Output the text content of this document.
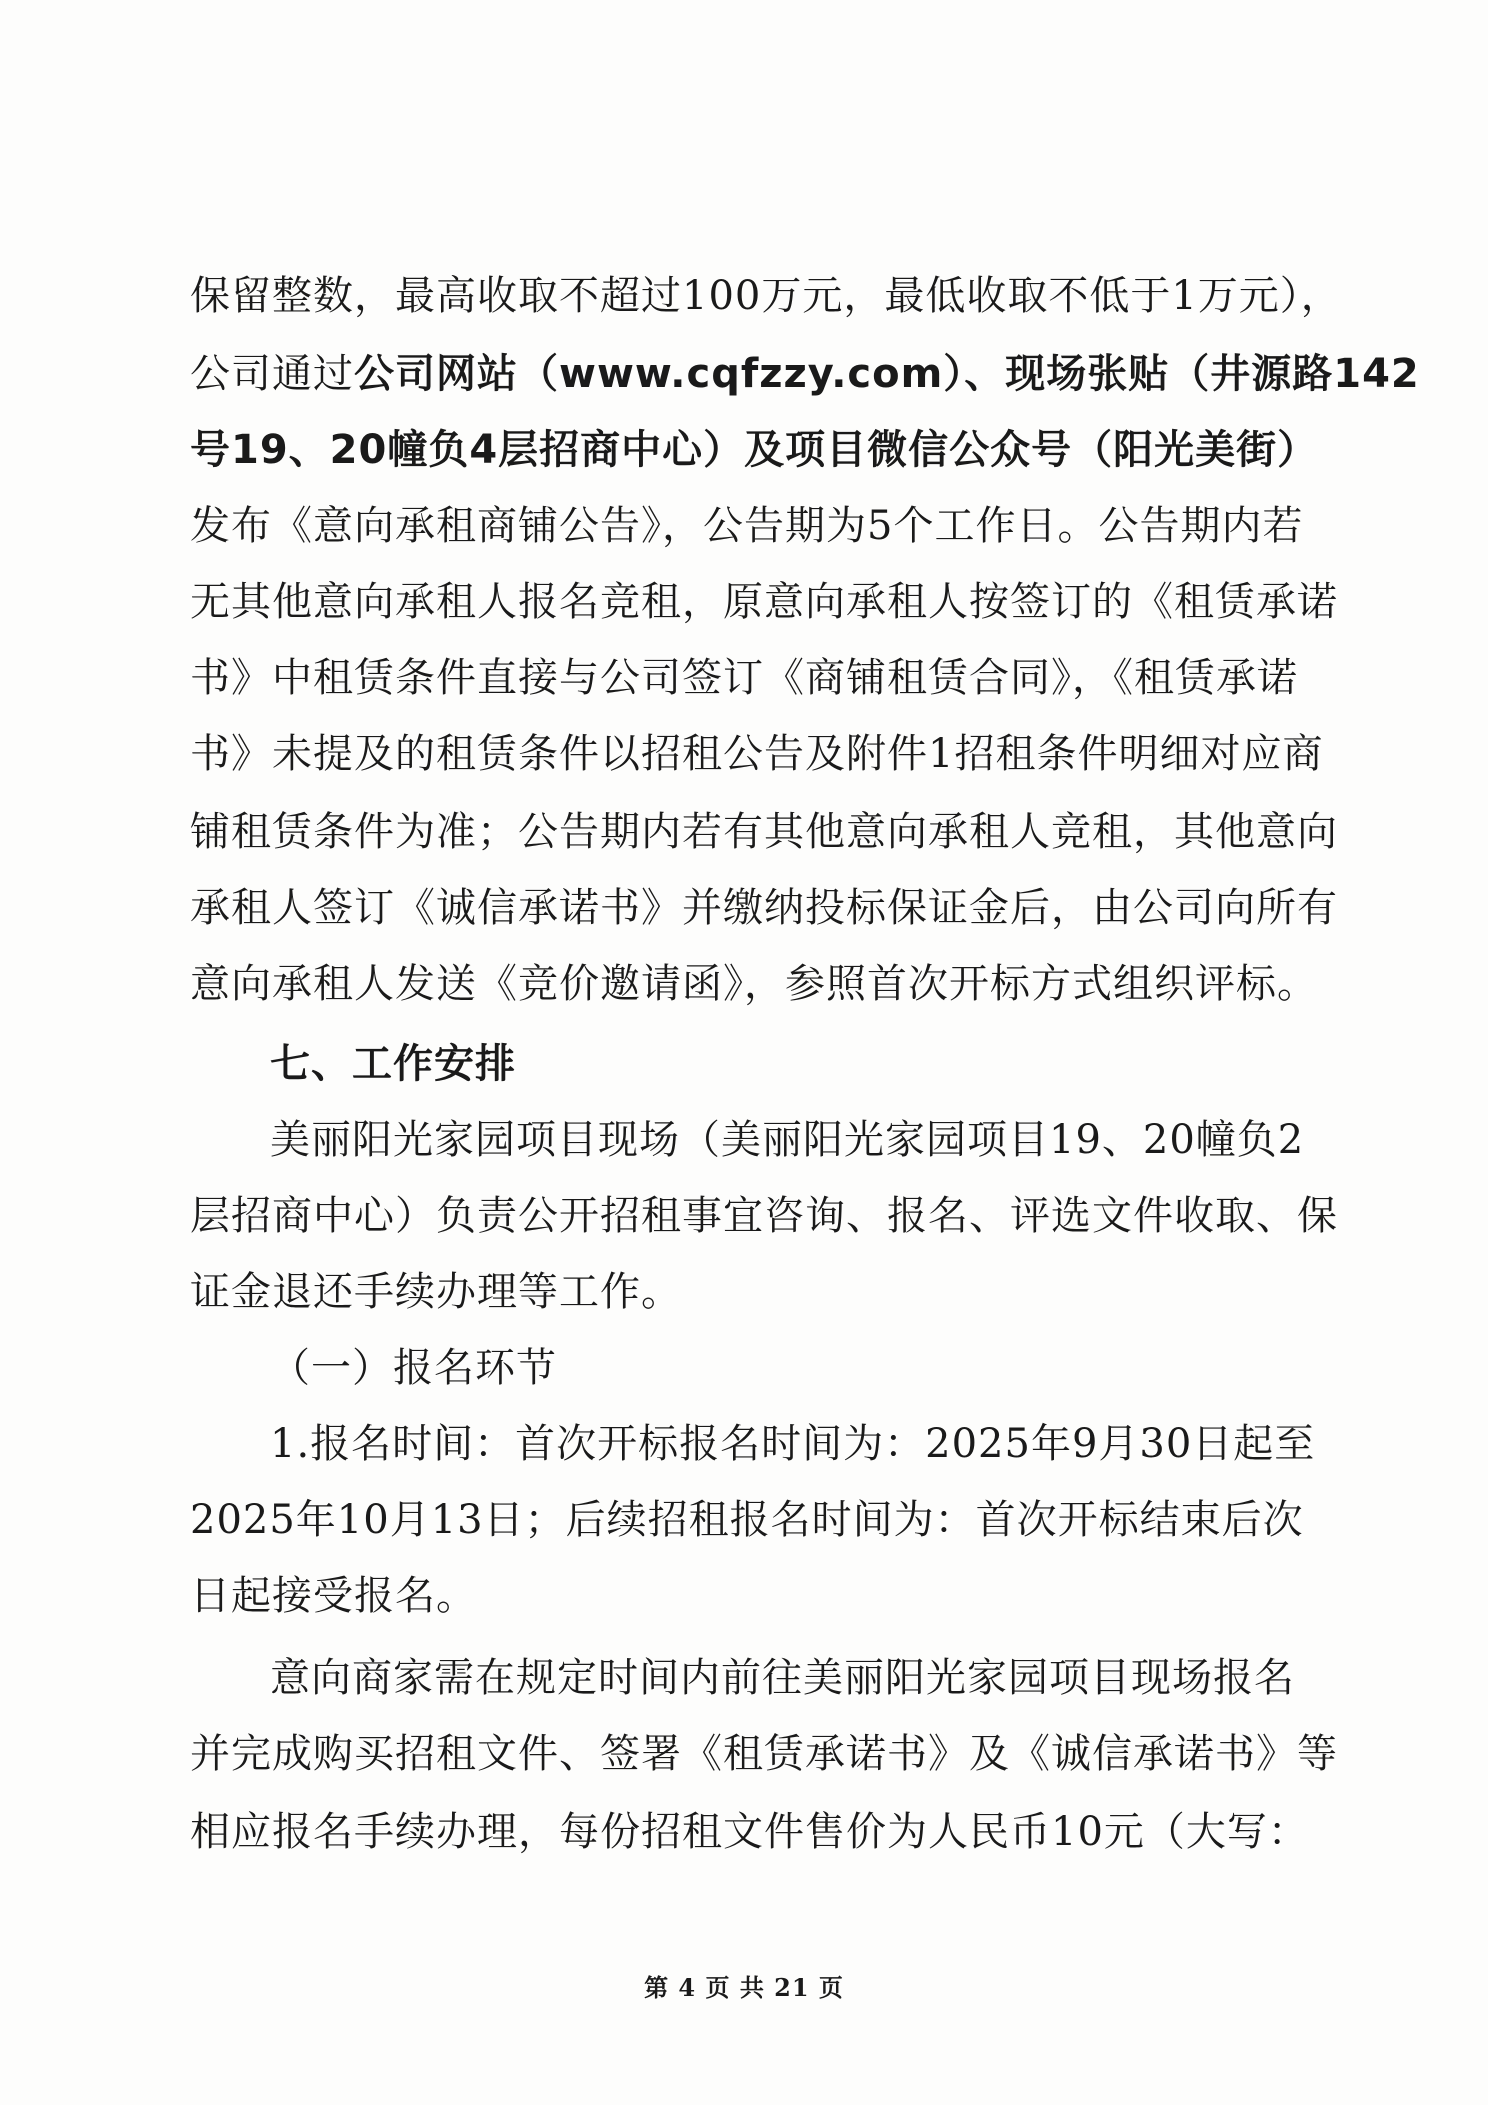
保留整数，最高收取不超过100万元，最低收取不低于1万元），
公司通过公司网站（www.cqfzzy.com）、现场张贴（井源路142
号19、20幢负4层招商中心）及项目微信公众号（阳光美街）
发布《意向承租商铺公告》，公告期为5个工作日。公告期内若
无其他意向承租人报名竞租，原意向承租人按签订的《租赁承诺
书》中租赁条件直接与公司签订《商铺租赁合同》，《租赁承诺
书》未提及的租赁条件以招租公告及附件1招租条件明细对应商
铺租赁条件为准；公告期内若有其他意向承租人竞租，其他意向
承租人签订《诚信承诺书》并缴纳投标保证金后，由公司向所有
意向承租人发送《竞价邀请函》，参照首次开标方式组织评标。
七、工作安排
美丽阳光家园项目现场（美丽阳光家园项目19、20幢负2
层招商中心）负责公开招租事宜咨询、报名、评选文件收取、保
证金退还手续办理等工作。
（一）报名环节
1.报名时间：首次开标报名时间为：2025年9月30日起至
2025年10月13日；后续招租报名时间为：首次开标结束后次
日起接受报名。
意向商家需在规定时间内前往美丽阳光家园项目现场报名
并完成购买招租文件、签署《租赁承诺书》及《诚信承诺书》等
相应报名手续办理，每份招租文件售价为人民币10元（大写：
第 4 页 共 21 页
